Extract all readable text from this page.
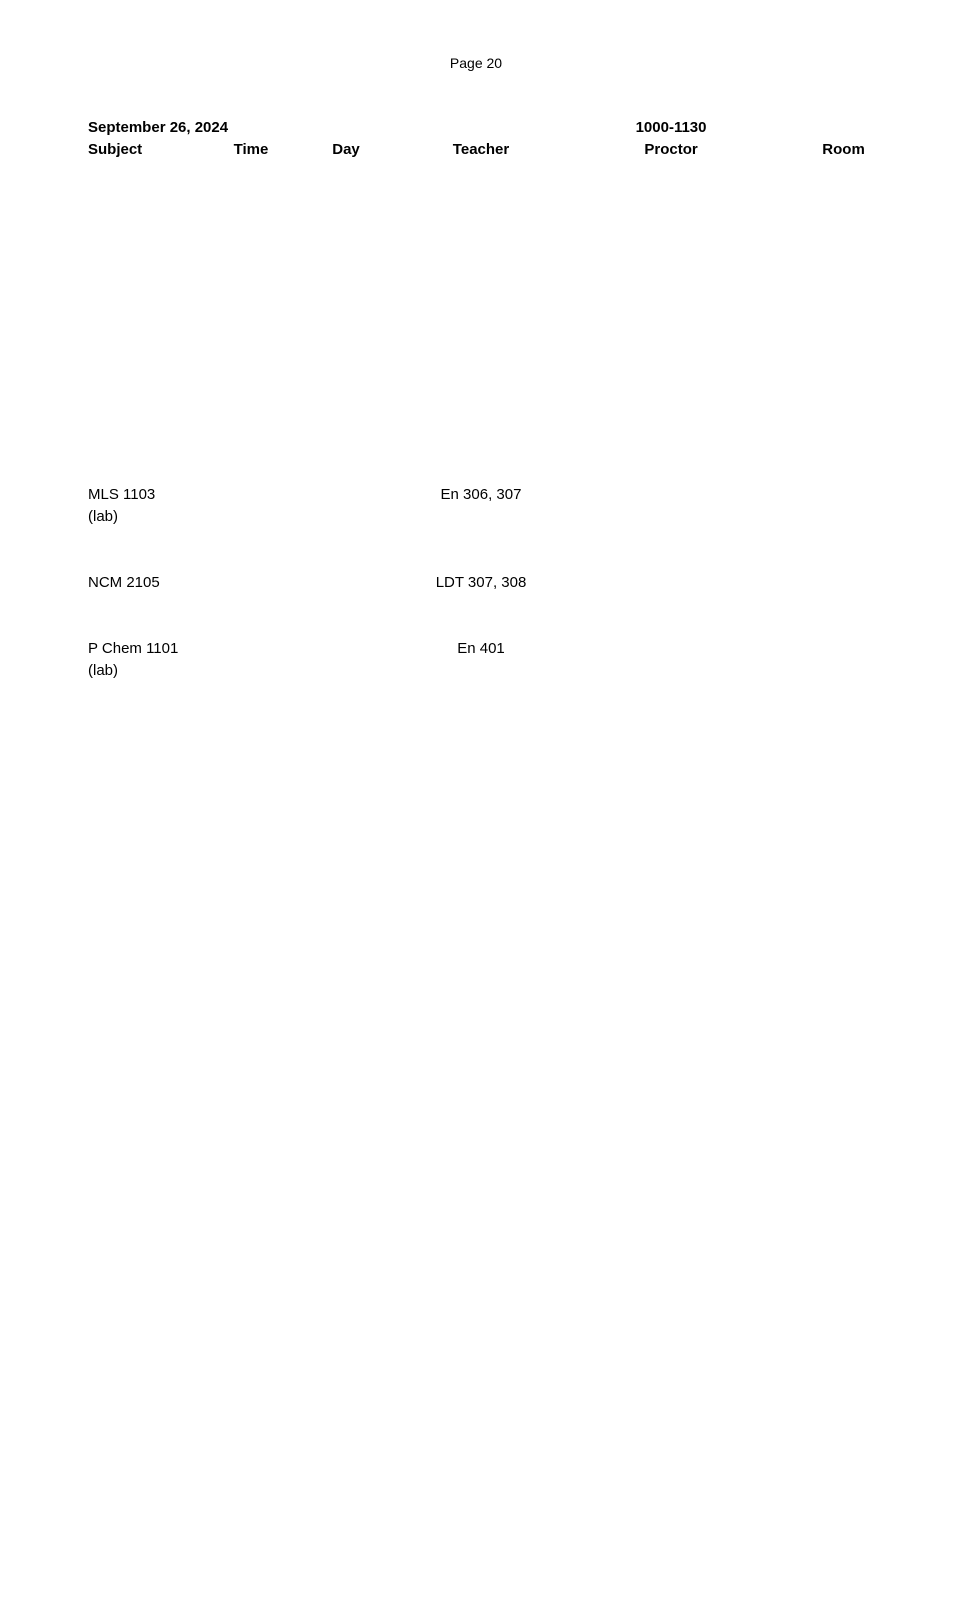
Page 20
September 26, 2024				1000-1130	
Subject	Time	Day	Teacher	Proctor	Room
MLS 1103			En 306, 307		
(lab)					
NCM 2105			LDT 307, 308		
P Chem 1101			En 401		
(lab)					
